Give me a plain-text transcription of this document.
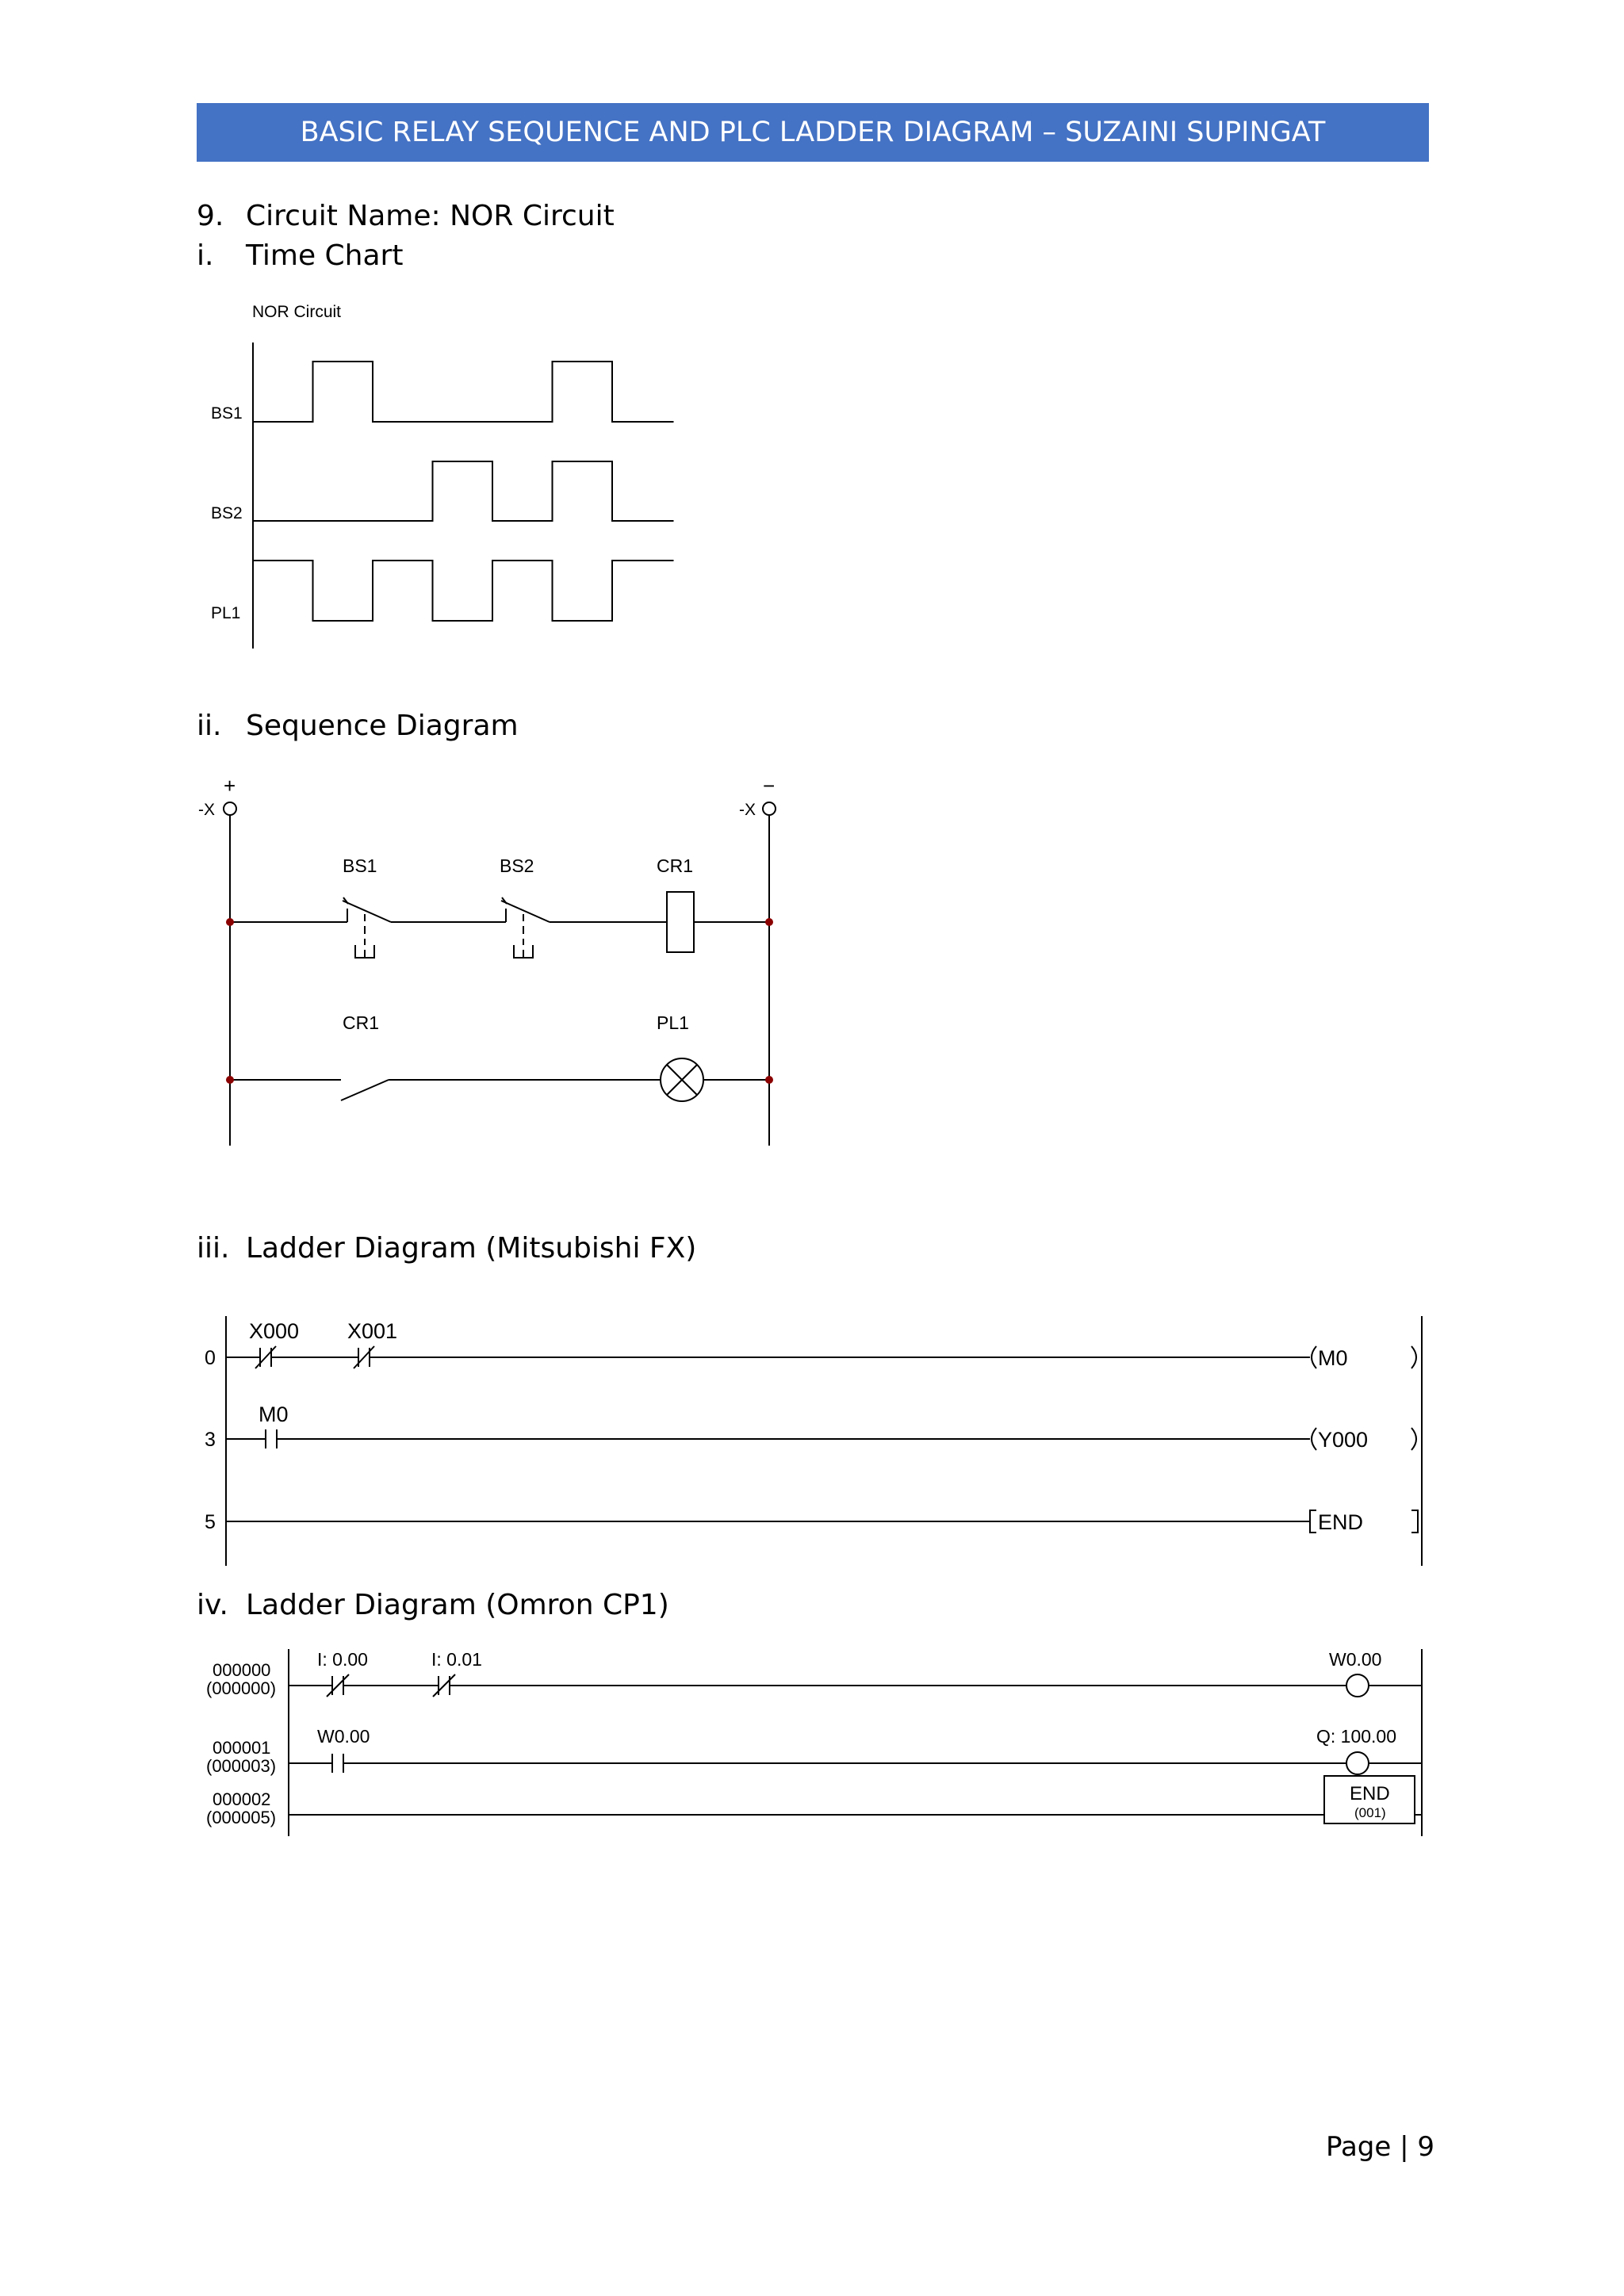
BASIC RELAY SEQUENCE AND PLC LADDER DIAGRAM – SUZAINI SUPINGAT
9. Circuit Name: NOR Circuit
i. Time Chart
NOR Circuit
BS1
BS2
PL1
ii. Sequence Diagram
+	−
-X	-X
BS1	BS2	CR1
CR1	PL1
iii. Ladder Diagram (Mitsubishi FX)
0
3
5
X000 X001
M0
M0
Y000
END
iv. Ladder Diagram (Omron CP1)
000000
(000000)
000001
(000003)
000002
(000005)
I: 0.00	I: 0.01	W0.00
W0.00	Q: 100.00
END
(001)
Page | 9
